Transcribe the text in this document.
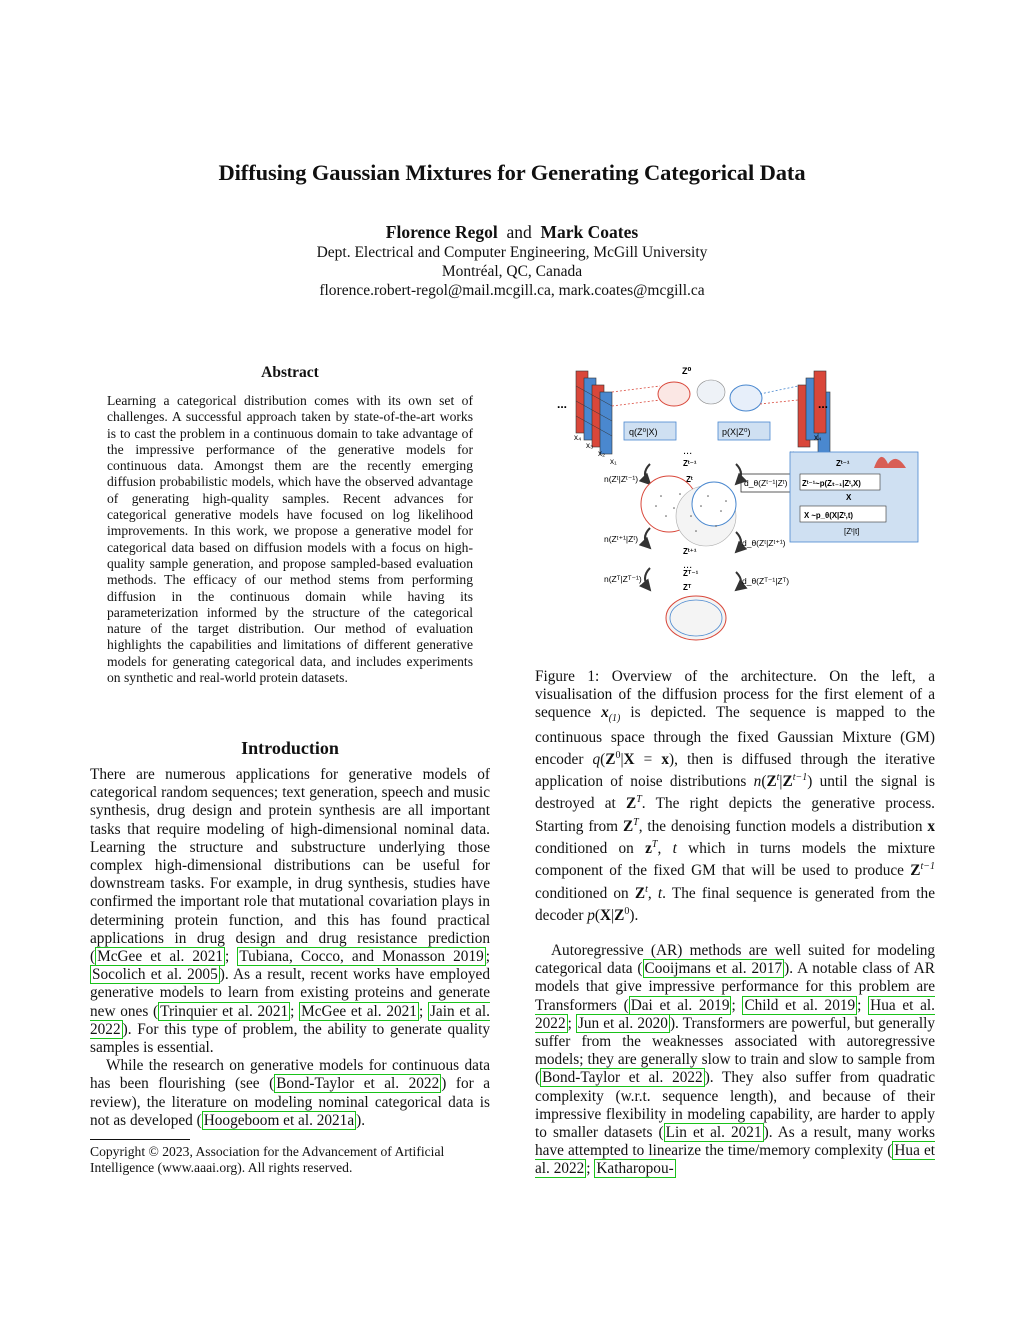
Diffusing Gaussian Mixtures for Generating Categorical Data
Florence Regol and Mark Coates
Dept. Electrical and Computer Engineering, McGill University
Montréal, QC, Canada
florence.robert-regol@mail.mcgill.ca, mark.coates@mcgill.ca
Abstract
Learning a categorical distribution comes with its own set of challenges. A successful approach taken by state-of-the-art works is to cast the problem in a continuous domain to take advantage of the impressive performance of the generative models for continuous data. Amongst them are the recently emerging diffusion probabilistic models, which have the observed advantage of generating high-quality samples. Recent advances for categorical generative models have focused on log likelihood improvements. In this work, we propose a generative model for categorical data based on diffusion models with a focus on high-quality sample generation, and propose sampled-based evaluation methods. The efficacy of our method stems from performing diffusion in the continuous domain while having its parameterization informed by the structure of the categorical nature of the target distribution. Our method of evaluation highlights the capabilities and limitations of different generative models for generating categorical data, and includes experiments on synthetic and real-world protein datasets.
Introduction

There are numerous applications for generative models of categorical random sequences; text generation, speech and music synthesis, drug design and protein synthesis are all important tasks that require modeling of high-dimensional nominal data. Learning the structure and substructure underlying those complex high-dimensional distributions can be useful for downstream tasks. For example, in drug synthesis, studies have confirmed the important role that mutational covariation plays in determining protein function, and this has found practical applications in drug design and drug resistance prediction ( McGee et al. 2021 ; Tubiana, Cocco, and Monasson 2019 ; Socolich et al. 2005 ). As a result, recent works have employed generative models to learn from existing proteins and generate new ones ( Trinquier et al. 2021 ; McGee et al. 2021 ; Jain et al. 2022 ). For this type of problem, the ability to generate quality samples is essential.

While the research on generative models for continuous data has been flourishing (see ( Bond-Taylor et al. 2022 ) for a review), the literature on modeling nominal categorical data is not as developed ( Hoogeboom et al. 2021a ).

Copyright © 2023, Association for the Advancement of Artificial Intelligence (www.aaai.org). All rights reserved.
...	...
x₄
x₃
x₂
x₁
x₄
Z⁰
q(Z⁰|X)	p(X|Z⁰)
...
Zᵗ⁻¹
Zᵗ
n(Zᵗ|Zᵗ⁻¹)
n(Zᵗ⁺¹|Zᵗ)
n(Zᵀ|Zᵀ⁻¹)
Zᵗ⁺¹
...
Zᵀ⁻¹
Zᵀ
d_θ(Zᵗ⁻¹|Zᵗ)
d_θ(Zᵗ|Zᵗ⁺¹)
d_θ(Zᵀ⁻¹|Zᵀ)
Zᵗ⁻¹
Zᵗ⁻¹~p(Zₜ₋₁|Zᵗ,X)
X
X ~p_θ(X|Zᵗ,t)
[Zᵗ|t]
Figure 1: Overview of the architecture. On the left, a visualisation of the diffusion process for the first element of a sequence $x_{(1)}$ is depicted. The sequence is mapped to the continuous space through the fixed Gaussian Mixture (GM) encoder $q(Z^0|X = x)$, then is diffused through the iterative application of noise distributions $n(Z^t|Z^{t-1})$ until the signal is destroyed at $Z^T$. The right depicts the generative process. Starting from $Z^T$, the denoising function models a distribution x conditioned on $z^T$, t which in turns models the mixture component of the fixed GM that will be used to produce $Z^{t-1}$ conditioned on $Z^t$, t. The final sequence is generated from the decoder $p(X|Z^0)$.

Autoregressive (AR) methods are well suited for modeling categorical data ( Cooijmans et al. 2017 ). A notable class of AR models that give impressive performance for this problem are Transformers ( Dai et al. 2019 ; Child et al. 2019 ; Hua et al. 2022 ; Jun et al. 2020 ). Transformers are powerful, but generally suffer from the weaknesses associated with autoregressive models; they are generally slow to train and slow to sample from ( Bond-Taylor et al. 2022 ). They also suffer from quadratic complexity (w.r.t. sequence length), and because of their impressive flexibility in modeling capability, are harder to apply to smaller datasets ( Lin et al. 2021 ). As a result, many works have attempted to linearize the time/memory complexity ( Hua et al. 2022 ; Katharopou-
